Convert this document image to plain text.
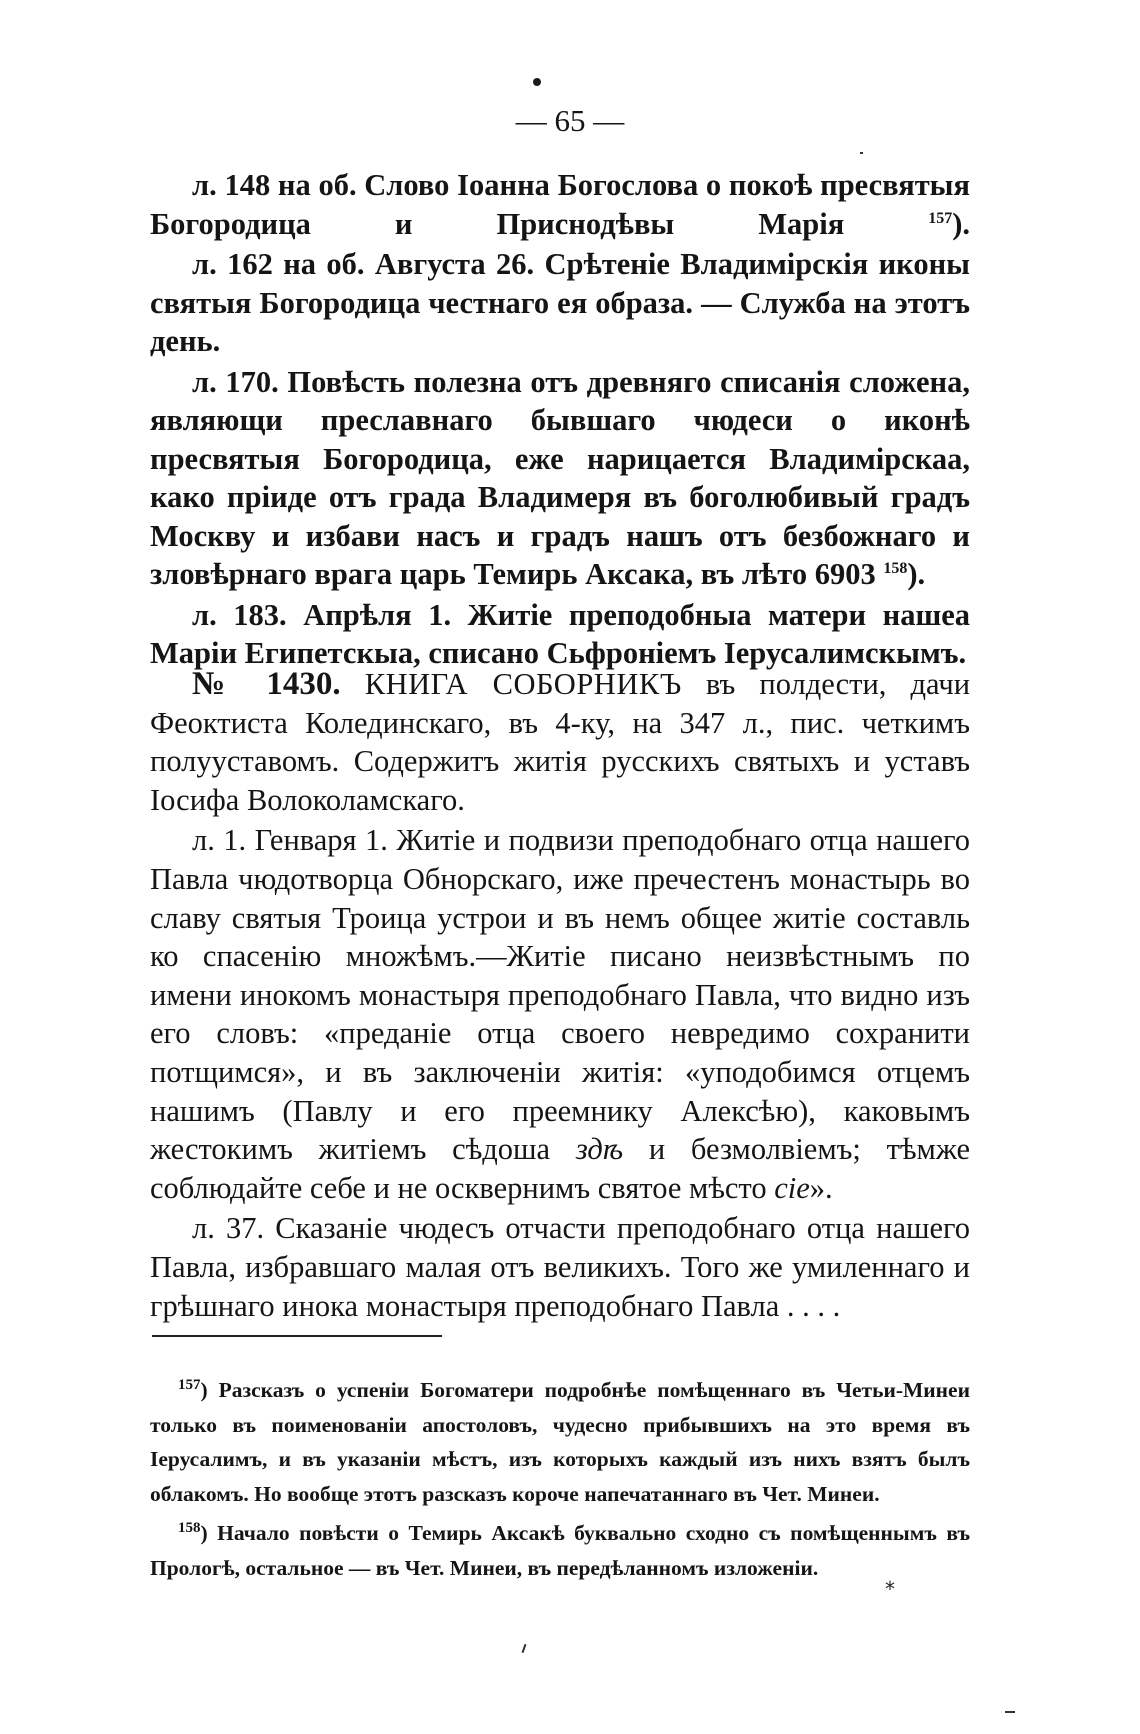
— 65 —

л. 148 на об. Слово Іоанна Богослова о покоѣ пресвятыя Богородица и Приснодѣвы Марія	$^{157}$).

л. 162 на об. Августа 26. Срѣтеніе Владимірскія иконы святыя Богородица честнаго ея образа. — Служба на этотъ день.

л. 170. Повѣсть полезна отъ древняго списанія сложена, являющи преславнаго бывшаго чюдеси о иконѣ пресвятыя Богородица, еже нарицается Владимірскаа, како пріиде отъ града Владимеря въ боголюбивый градъ Москву и избави насъ и градъ нашъ отъ безбожнаго и зловѣрнаго врага царь Темирь Аксака, въ лѣто 6903 $^{158}$).

л. 183. Апрѣля 1. Житіе преподобныа матери нашеа Маріи Египетскыа, списано Сьфроніемъ Іерусалимскымъ.

№ 1430. КНИГА СОБОРНИКЪ въ полдести, дачи Феоктиста Колединскаго, въ 4-ку, на 347 л., пис. четкимъ полууставомъ. Содержитъ житія русскихъ святыхъ и уставъ Іосифа Волоколамскаго.

л. 1. Генваря 1. Житіе и подвизи преподобнаго отца нашего Павла чюдотворца Обнорскаго, иже пречестенъ монастырь во славу святыя Троица устрои и въ немъ общее житіе составль ко спасенію множѣмъ.—Житіе писано неизвѣстнымъ по имени инокомъ монастыря преподобнаго Павла, что видно изъ его словъ: «преданіе отца своего невредимо сохранити потщимся», и въ заключеніи житія: «уподобимся отцемъ нашимъ (Павлу и его преемнику Алексѣю), каковымъ жестокимъ житіемъ сѣдоша здѣ и безмолвіемъ; тѣмже соблюдайте себе и не осквернимъ святое мѣсто сіе».

л. 37. Сказаніе чюдесъ отчасти преподобнаго отца нашего Павла, избравшаго малая отъ великихъ. Того же умиленнаго и грѣшнаго инока монастыря преподобнаго Павла . . . .

$^{157}$) Разсказъ о успеніи Богоматери подробнѣе помѣщеннаго въ Четьи-Минеи только въ поименованіи апостоловъ, чудесно прибывшихъ на это время въ Іерусалимъ, и въ указаніи мѣстъ, изъ которыхъ каждый изъ нихъ взятъ былъ облакомъ. Но вообще этотъ разсказъ короче напечатаннаго въ Чет. Минеи.

$^{158}$) Начало повѣсти о Темирь Аксакѣ буквально сходно съ помѣщеннымъ въ Прологѣ, остальное — въ Чет. Минеи, въ передѣланномъ изложеніи.

*
